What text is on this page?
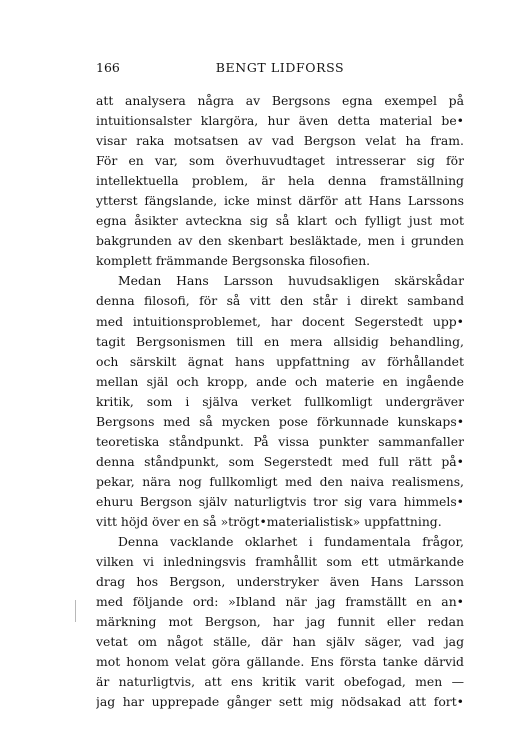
166	BENGT LIDFORSS
att analysera några av Bergsons egna exempel på
intuitionsalster klargöra, hur även detta material be•
visar raka motsatsen av vad Bergson velat ha fram.
För en var, som överhuvudtaget intresserar sig för
intellektuella problem, är hela denna framställning
ytterst fängslande, icke minst därför att Hans Larssons
egna åsikter avteckna sig så klart och fylligt just mot
bakgrunden av den skenbart besläktade, men i grunden
komplett främmande Bergsonska filosofien.
Medan Hans Larsson huvudsakligen skärskådar
denna filosofi, för så vitt den står i direkt samband
med intuitionsproblemet, har docent Segerstedt upp•
tagit Bergsonismen till en mera allsidig behandling,
och särskilt ägnat hans uppfattning av förhållandet
mellan själ och kropp, ande och materie en ingående
kritik, som i själva verket fullkomligt undergräver
Bergsons med så mycken pose förkunnade kunskaps•
teoretiska ståndpunkt. På vissa punkter sammanfaller
denna ståndpunkt, som Segerstedt med full rätt på•
pekar, nära nog fullkomligt med den naiva realismens,
ehuru Bergson själv naturligtvis tror sig vara himmels•
vitt höjd över en så »trögt•materialistisk» uppfattning.
Denna vacklande oklarhet i fundamentala frågor,
vilken vi inledningsvis framhållit som ett utmärkande
drag hos Bergson, understryker även Hans Larsson
med följande ord: »Ibland när jag framställt en an•
märkning mot Bergson, har jag funnit eller redan
vetat om något ställe, där han själv säger, vad jag
mot honom velat göra gällande. Ens första tanke därvid
är naturligtvis, att ens kritik varit obefogad, men —
jag har upprepade gånger sett mig nödsakad att fort•
